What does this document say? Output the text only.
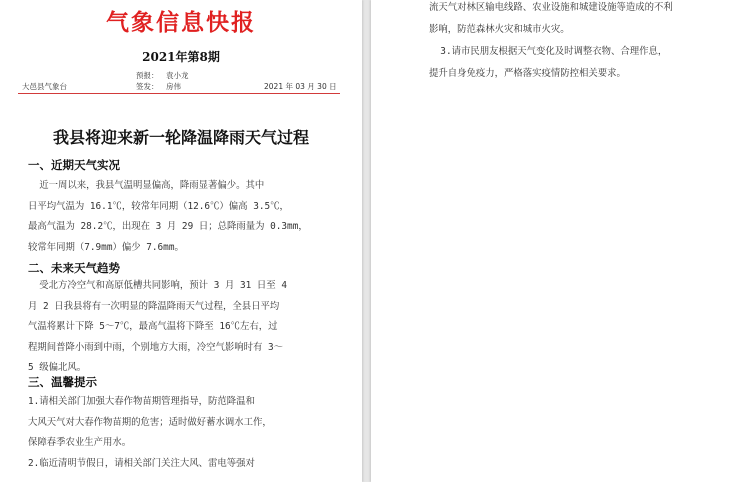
气象信息快报
2021年第8期
预报： 袁小龙
大邑县气象台	签发： 房伟	2021 年 03 月 30 日
我县将迎来新一轮降温降雨天气过程
一、近期天气实况
近一周以来，我县气温明显偏高，降雨显著偏少。其中
日平均气温为 16.1℃，较常年同期（12.6℃）偏高 3.5℃，
最高气温为 28.2℃，出现在 3 月 29 日；总降雨量为 0.3mm，
较常年同期（7.9mm）偏少 7.6mm。
二、未来天气趋势
受北方冷空气和高原低槽共同影响，预计 3 月 31 日至 4
月 2 日我县将有一次明显的降温降雨天气过程，全县日平均
气温将累计下降 5～7℃，最高气温将下降至 16℃左右，过
程期间普降小雨到中雨，个别地方大雨，冷空气影响时有 3～
5 级偏北风。
三、温馨提示
1.请相关部门加强大春作物苗期管理指导，防范降温和
大风天气对大春作物苗期的危害；适时做好蓄水调水工作，
保障春季农业生产用水。
2.临近清明节假日，请相关部门关注大风、雷电等强对
流天气对林区输电线路、农业设施和城建设施等造成的不利
影响，防范森林火灾和城市火灾。
3.请市民朋友根据天气变化及时调整衣物、合理作息，
提升自身免疫力，严格落实疫情防控相关要求。
